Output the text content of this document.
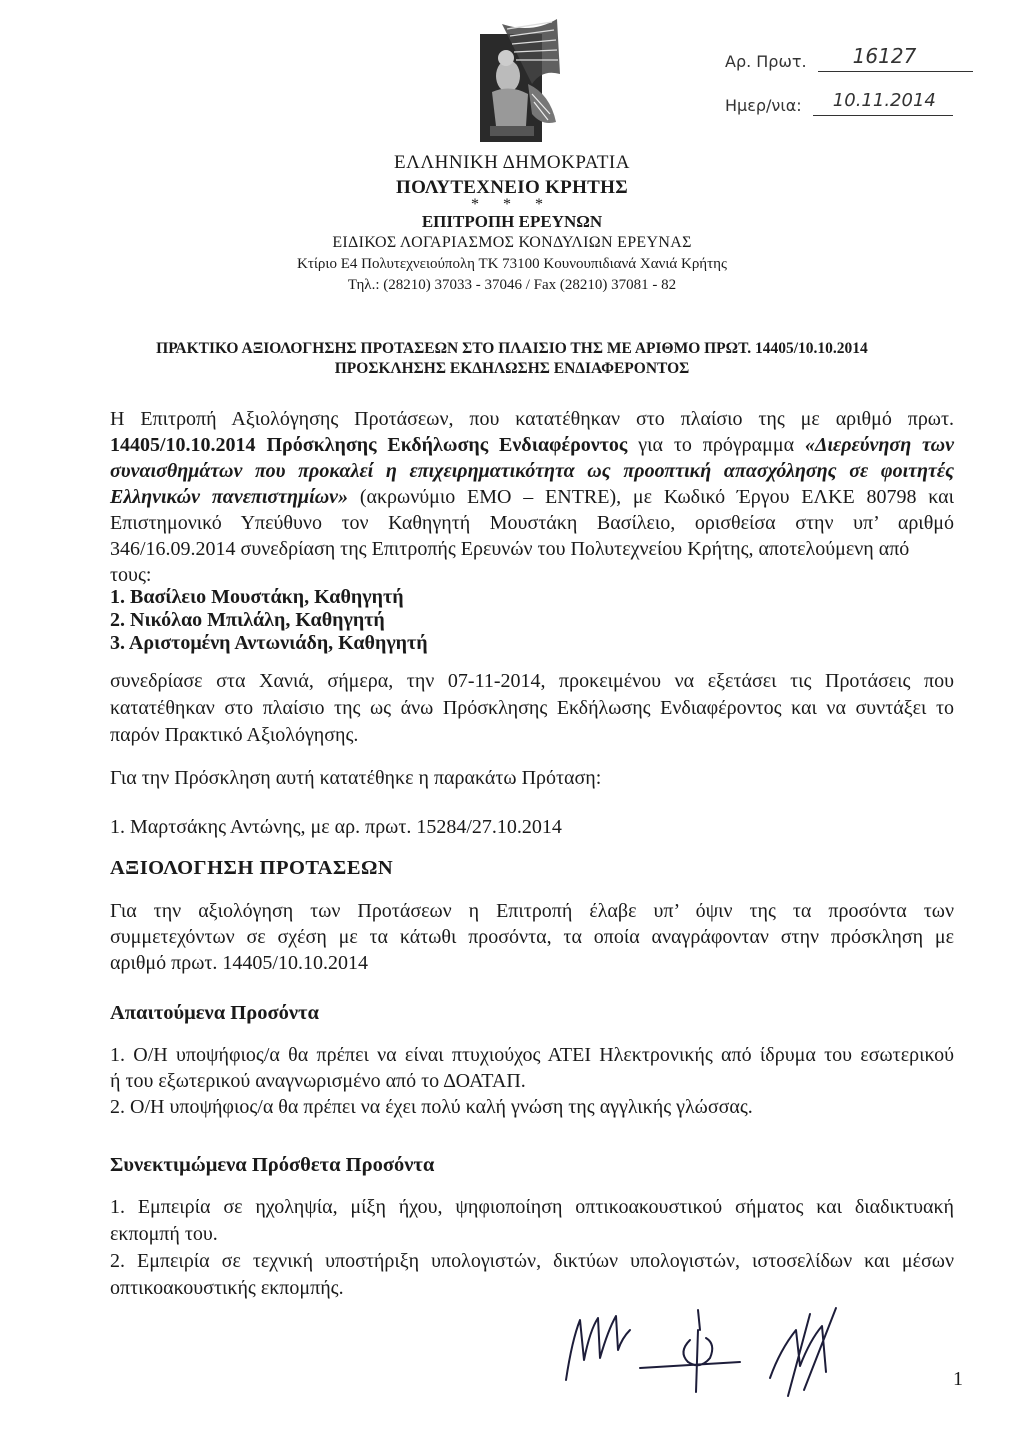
Αρ. Πρωτ. 16127

Ημερ/νια: 10.11.2014

ΕΛΛΗΝΙΚΗ ΔΗΜΟΚΡΑΤΙΑ
ΠΟΛΥΤΕΧΝΕΙΟ ΚΡΗΤΗΣ
* * *
ΕΠΙΤΡΟΠΗ ΕΡΕΥΝΩΝ
ΕΙΔΙΚΟΣ ΛΟΓΑΡΙΑΣΜΟΣ ΚΟΝΔΥΛΙΩΝ ΕΡΕΥΝΑΣ
Κτίριο Ε4 Πολυτεχνειούπολη ΤΚ 73100 Κουνουπιδιανά Χανιά Κρήτης
Τηλ.: (28210) 37033 - 37046 / Fax (28210) 37081 - 82
ΠΡΑΚΤΙΚΟ ΑΞΙΟΛΟΓΗΣΗΣ ΠΡΟΤΑΣΕΩΝ ΣΤΟ ΠΛΑΙΣΙΟ ΤΗΣ ΜΕ ΑΡΙΘΜΟ ΠΡΩΤ. 14405/10.10.2014
ΠΡΟΣΚΛΗΣΗΣ ΕΚΔΗΛΩΣΗΣ ΕΝΔΙΑΦΕΡΟΝΤΟΣ
Η Επιτροπή Αξιολόγησης Προτάσεων, που κατατέθηκαν στο πλαίσιο της με αριθμό πρωτ.
14405/10.10.2014 Πρόσκλησης Εκδήλωσης Ενδιαφέροντος για το πρόγραμμα «Διερεύνηση των
συναισθημάτων που προκαλεί η επιχειρηματικότητα ως προοπτική απασχόλησης σε φοιτητές
Ελληνικών πανεπιστημίων» (ακρωνύμιο ΕΜΟ – ENTRE), με Κωδικό Έργου ΕΛΚΕ 80798 και
Επιστημονικό Υπεύθυνο τον Καθηγητή Μουστάκη Βασίλειο, ορισθείσα στην υπ’ αριθμό
346/16.09.2014 συνεδρίαση της Επιτροπής Ερευνών του Πολυτεχνείου Κρήτης, αποτελούμενη από
τους:
1. Βασίλειο Μουστάκη, Καθηγητή
2. Νικόλαο Μπιλάλη, Καθηγητή
3. Αριστομένη Αντωνιάδη, Καθηγητή
συνεδρίασε στα Χανιά, σήμερα, την 07-11-2014, προκειμένου να εξετάσει τις Προτάσεις που
κατατέθηκαν στο πλαίσιο της ως άνω Πρόσκλησης Εκδήλωσης Ενδιαφέροντος και να συντάξει το
παρόν Πρακτικό Αξιολόγησης.
Για την Πρόσκληση αυτή κατατέθηκε η παρακάτω Πρόταση:
1. Μαρτσάκης Αντώνης, με αρ. πρωτ. 15284/27.10.2014
ΑΞΙΟΛΟΓΗΣΗ ΠΡΟΤΑΣΕΩΝ
Για την αξιολόγηση των Προτάσεων η Επιτροπή έλαβε υπ’ όψιν της τα προσόντα των
συμμετεχόντων σε σχέση με τα κάτωθι προσόντα, τα οποία αναγράφονταν στην πρόσκληση με
αριθμό πρωτ. 14405/10.10.2014
Απαιτούμενα Προσόντα
1. Ο/Η υποψήφιος/α θα πρέπει να είναι πτυχιούχος ΑΤΕΙ Ηλεκτρονικής από ίδρυμα του εσωτερικού
ή του εξωτερικού αναγνωρισμένο από το ΔΟΑΤΑΠ.
2. Ο/Η υποψήφιος/α θα πρέπει να έχει πολύ καλή γνώση της αγγλικής γλώσσας.
Συνεκτιμώμενα Πρόσθετα Προσόντα
1. Εμπειρία σε ηχοληψία, μίξη ήχου, ψηφιοποίηση οπτικοακουστικού σήματος και διαδικτυακή
εκπομπή του.
2. Εμπειρία σε τεχνική υποστήριξη υπολογιστών, δικτύων υπολογιστών, ιστοσελίδων και μέσων
οπτικοακουστικής εκπομπής.
1
